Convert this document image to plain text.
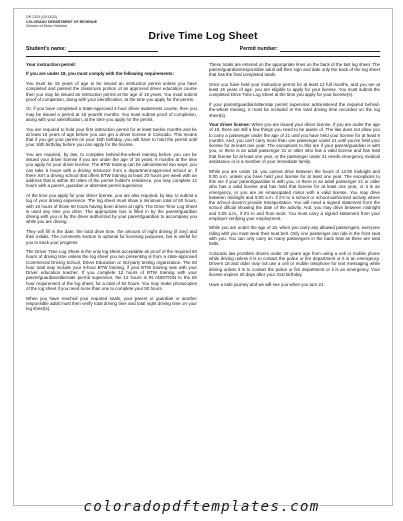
DR 2324 (02/11/22)
COLORADO DEPARTMENT OF REVENUE
Division of Motor Vehicles
Drive Time Log Sheet
Student's name:	Permit number:

Your instruction permit:

If you are under 18, you must comply with the following requirements:

You must be 15 years of age to be issued an instruction permit unless you have completed and passed the classroom portion of an approved driver education course then you may be issued an instruction permit at the age of 15 years. You must submit proof of completion, along with your identification, at the time you apply for the permit.

Or, if you have completed a State-approved 4-hour driver awareness course, then you may be issued a permit at 15 years/6 months. You must submit proof of completion, along with your identification, at the time you apply for the permit.

You are required to hold your first instruction permit for at least twelve months and be at least 16 years of age before you can get a driver license in Colorado. This means that if you get your permit on your 15th birthday, you will have to hold the permit until your 16th birthday before you can apply for the license.

You are required, by law, to complete behind-the-wheel training before you can be issued your driver license if you are under the age of 16 years, 6 months at the time you apply for your driver license. The BTW training can be administered two ways; you can take 6 hours with a driving instructor from a department-approved school or, if there isn't a driving school that offers BTW training at least 20 hours per week with an address that is within 30 miles of the permit holder's residence, you may complete 12 hours with a parent, guardian or alternate permit supervisor.

At the time you apply for your driver license, you are also required, by law, to submit a log of your driving experience. The log sheet must show a minimum total of 50 hours, with 10 hours of those 50 hours having been driven at night. The Drive Time Log Sheet is used any time you drive. The appropriate box is filled in by the parent/guardian driving with you or by the driver authorized by your parent/guardian to accompany you while you are driving.

They will fill in the date, the total drive time, the amount of night driving (if any) and their initials. The comments section is optional for licensing purposes, but is useful for you to track your progress.

The Driver Time Log Sheet is the only log sheet acceptable as proof of the required 50 hours of driving time unless the log sheet you are presenting is from a state-approved Commercial Driving School, Driver Education or 3rd-party testing organization. The 50 hour total may include your 6-hour BTW training, if your BTW training was with your Driver education teacher. If you complete 12 hours of BTW training with your parent/guardian/alternate permit supervisor, the 12 hours is IN ADDITION to the 50 hour requirement of the log sheet, for a total of 62 hours. You may make photocopies of the log sheet if you need more than one to complete your 50 hours.

When you have reached your required totals, your parent or guardian or another responsible adult must then verify total driving time and total night driving time on your log sheet(s).

These totals are entered on the appropriate lines on the back of the last log sheet. The parent/guardian/responsible adult will then sign and date only the back of the log sheet that has the final completed totals.

Once you have held your instruction permit for at least 12 full months, and you are at least 16 years of age, you are eligible to apply for your license. You must submit the completed Drive Time Log Sheet at the time you apply for your license(s).

If your parent/guardian/alternate permit supervisor administered the required behind-the-wheel training, it must be included in the total driving time recorded on the log sheet(s).

Your driver license: When you are issued your driver license, if you are under the age of 18, there are still a few things you need to be aware of. The law does not allow you to carry a passenger under the age of 21 until you have held your license for at least 6 months. And, you can't carry more than one passenger under 21 until you've held your license for at least one year. The exceptions to this are if your parent/guardian is with you, or there is an adult passenger 21 or older who has a valid license and has held that license for at least one year, or the passenger under 21 needs emergency medical assistance or is a member of your immediate family.

While you are under 18, you cannot drive between the hours of 12:00 midnight and 5:00 a.m. unless you have held your license for at least one year. The exceptions to this are if your parent/guardian is with you, or there is an adult passenger 21 or older who has a valid license and has held that license for at least one year, or it is an emergency, or you are an emancipated minor with a valid license. You may drive between midnight and 5:00 a.m. if it's to a school or school-authorized activity where the school doesn't provide transportation. You will need a signed statement from the school official showing the date of the activity. And, you may drive between midnight and 5:00 a.m., if it's to and from work. You must carry a signed statement from your employer verifying your employment.

While you are under the age of 18, when you carry any allowed passengers, everyone riding with you must wear their seat belt. Only one passenger can ride in the front seat with you. You can only carry as many passengers in the back seat as there are seat belts.

Colorado law prohibits drivers under 18 years age from using a cell or mobile phone while driving unless it is to contact the police or fire department or it is an emergency. Drivers 18 and older may not use a cell or mobile telephone for text messaging while driving unless it is to contact the police or fire department or it is an emergency. Your license expires 20 days after your 21st birthday.

Have a safe journey and we will see you when you turn 21.

coloradopdftemplates.com
